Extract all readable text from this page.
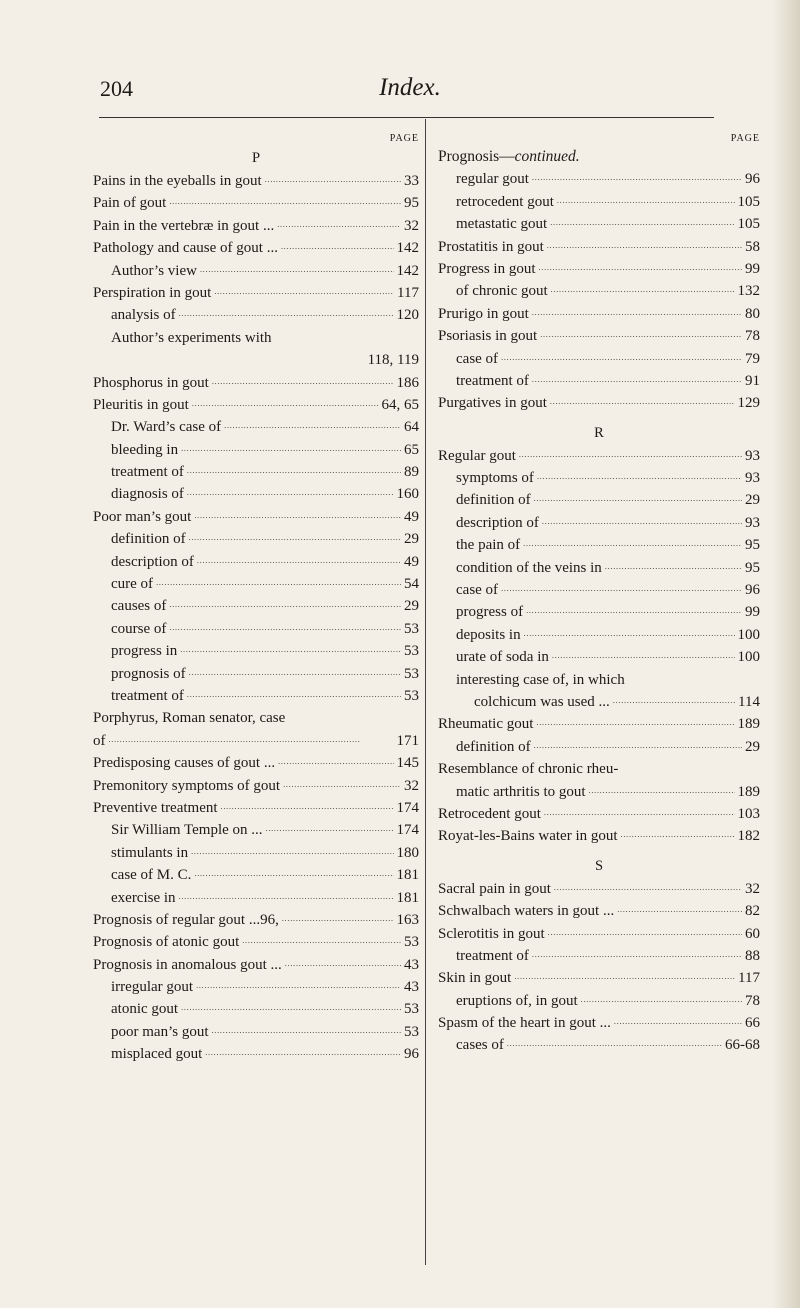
204	Index.
PAGE
P
Pains in the eyeballs in gout . . .	33
Pain of gout . . .	95
Pain in the vertebræ in gout ... . . .	32
Pathology and cause of gout ... . . .	142
Author’s view . . .	142
Perspiration in gout . . .	117
analysis of . . .	120
Author’s experiments with
118, 119
Phosphorus in gout . . .	186
Pleuritis in gout . . .	64, 65
Dr. Ward’s case of . . .	64
bleeding in . . .	65
treatment of . . .	89
diagnosis of . . .	160
Poor man’s gout . . .	49
definition of . . .	29
description of . . .	49
cure of . . .	54
causes of . . .	29
course of . . .	53
progress in . . .	53
prognosis of . . .	53
treatment of . . .	53
Porphyrus, Roman senator, case
of . . .	171
Predisposing causes of gout ... . . .	145
Premonitory symptoms of gout . . .	32
Preventive treatment . . .	174
Sir William Temple on ... . . .	174
stimulants in . . .	180
case of M. C. . . .	181
exercise in . . .	181
Prognosis of regular gout ...96, . . .	163
Prognosis of atonic gout . . .	53
Prognosis in anomalous gout ... . . .	43
irregular gout . . .	43
atonic gout . . .	53
poor man’s gout . . .	53
misplaced gout . . .	96
PAGE
Prognosis—continued.
regular gout . . .	96
retrocedent gout . . .	105
metastatic gout . . .	105
Prostatitis in gout . . .	58
Progress in gout . . .	99
of chronic gout . . .	132
Prurigo in gout . . .	80
Psoriasis in gout . . .	78
case of . . .	79
treatment of . . .	91
Purgatives in gout . . .	129
R
Regular gout . . .	93
symptoms of . . .	93
definition of . . .	29
description of . . .	93
the pain of . . .	95
condition of the veins in . . .	95
case of . . .	96
progress of . . .	99
deposits in . . .	100
urate of soda in . . .	100
interesting case of, in which
colchicum was used ... . . .	114
Rheumatic gout . . .	189
definition of . . .	29
Resemblance of chronic rheu-
matic arthritis to gout . . .	189
Retrocedent gout . . .	103
Royat-les-Bains water in gout . . .	182
S
Sacral pain in gout . . .	32
Schwalbach waters in gout ... . . .	82
Sclerotitis in gout . . .	60
treatment of . . .	88
Skin in gout . . .	117
eruptions of, in gout . . .	78
Spasm of the heart in gout ... . . .	66
cases of . . .	66-68
